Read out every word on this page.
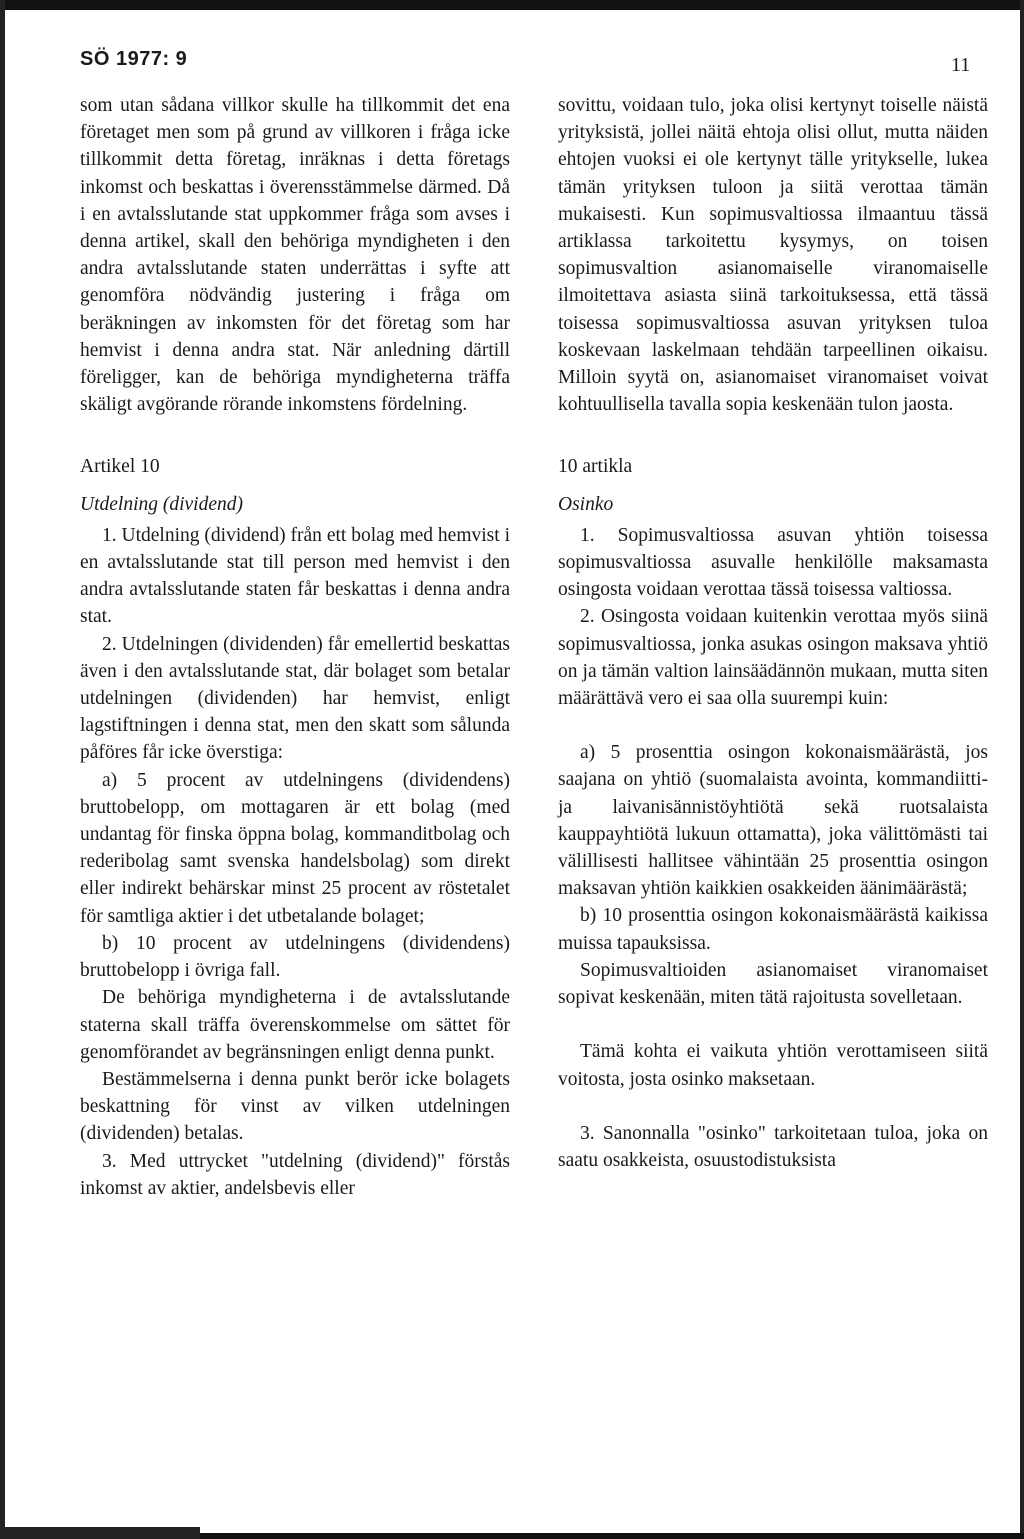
SÖ 1977: 9	11

som utan sådana villkor skulle ha tillkommit det ena företaget men som på grund av villkoren i fråga icke tillkommit detta företag, inräknas i detta företags inkomst och beskattas i överensstämmelse därmed. Då i en avtalsslutande stat uppkommer fråga som avses i denna artikel, skall den behöriga myndigheten i den andra avtalsslutande staten underrättas i syfte att genomföra nödvändig justering i fråga om beräkningen av inkomsten för det företag som har hemvist i denna andra stat. När anledning därtill föreligger, kan de behöriga myndigheterna träffa skäligt avgörande rörande inkomstens fördelning.

Artikel 10

Utdelning (dividend)

1. Utdelning (dividend) från ett bolag med hemvist i en avtalsslutande stat till person med hemvist i den andra avtalsslutande staten får beskattas i denna andra stat.

2. Utdelningen (dividenden) får emellertid beskattas även i den avtalsslutande stat, där bolaget som betalar utdelningen (dividenden) har hemvist, enligt lagstiftningen i denna stat, men den skatt som sålunda påföres får icke överstiga:

a) 5 procent av utdelningens (dividendens) bruttobelopp, om mottagaren är ett bolag (med undantag för finska öppna bolag, kommanditbolag och rederibolag samt svenska handelsbolag) som direkt eller indirekt behärskar minst 25 procent av röstetalet för samtliga aktier i det utbetalande bolaget;

b) 10 procent av utdelningens (dividendens) bruttobelopp i övriga fall.

De behöriga myndigheterna i de avtalsslutande staterna skall träffa överenskommelse om sättet för genomförandet av begränsningen enligt denna punkt.

Bestämmelserna i denna punkt berör icke bolagets beskattning för vinst av vilken utdelningen (dividenden) betalas.

3. Med uttrycket "utdelning (dividend)" förstås inkomst av aktier, andelsbevis eller

sovittu, voidaan tulo, joka olisi kertynyt toiselle näistä yrityksistä, jollei näitä ehtoja olisi ollut, mutta näiden ehtojen vuoksi ei ole kertynyt tälle yritykselle, lukea tämän yrityksen tuloon ja siitä verottaa tämän mukaisesti. Kun sopimusvaltiossa ilmaantuu tässä artiklassa tarkoitettu kysymys, on toisen sopimusvaltion asianomaiselle viranomaiselle ilmoitettava asiasta siinä tarkoituksessa, että tässä toisessa sopimusvaltiossa asuvan yrityksen tuloa koskevaan laskelmaan tehdään tarpeellinen oikaisu. Milloin syytä on, asianomaiset viranomaiset voivat kohtuullisella tavalla sopia keskenään tulon jaosta.

10 artikla

Osinko

1. Sopimusvaltiossa asuvan yhtiön toisessa sopimusvaltiossa asuvalle henkilölle maksamasta osingosta voidaan verottaa tässä toisessa valtiossa.

2. Osingosta voidaan kuitenkin verottaa myös siinä sopimusvaltiossa, jonka asukas osingon maksava yhtiö on ja tämän valtion lainsäädännön mukaan, mutta siten määrättävä vero ei saa olla suurempi kuin:

a) 5 prosenttia osingon kokonaismäärästä, jos saajana on yhtiö (suomalaista avointa, kommandiitti- ja laivanisännistöyhtiötä sekä ruotsalaista kauppayhtiötä lukuun ottamatta), joka välittömästi tai välillisesti hallitsee vähintään 25 prosenttia osingon maksavan yhtiön kaikkien osakkeiden äänimäärästä;

b) 10 prosenttia osingon kokonaismäärästä kaikissa muissa tapauksissa.

Sopimusvaltioiden asianomaiset viranomaiset sopivat keskenään, miten tätä rajoitusta sovelletaan.

Tämä kohta ei vaikuta yhtiön verottamiseen siitä voitosta, josta osinko maksetaan.

3. Sanonnalla "osinko" tarkoitetaan tuloa, joka on saatu osakkeista, osuustodistuksista
